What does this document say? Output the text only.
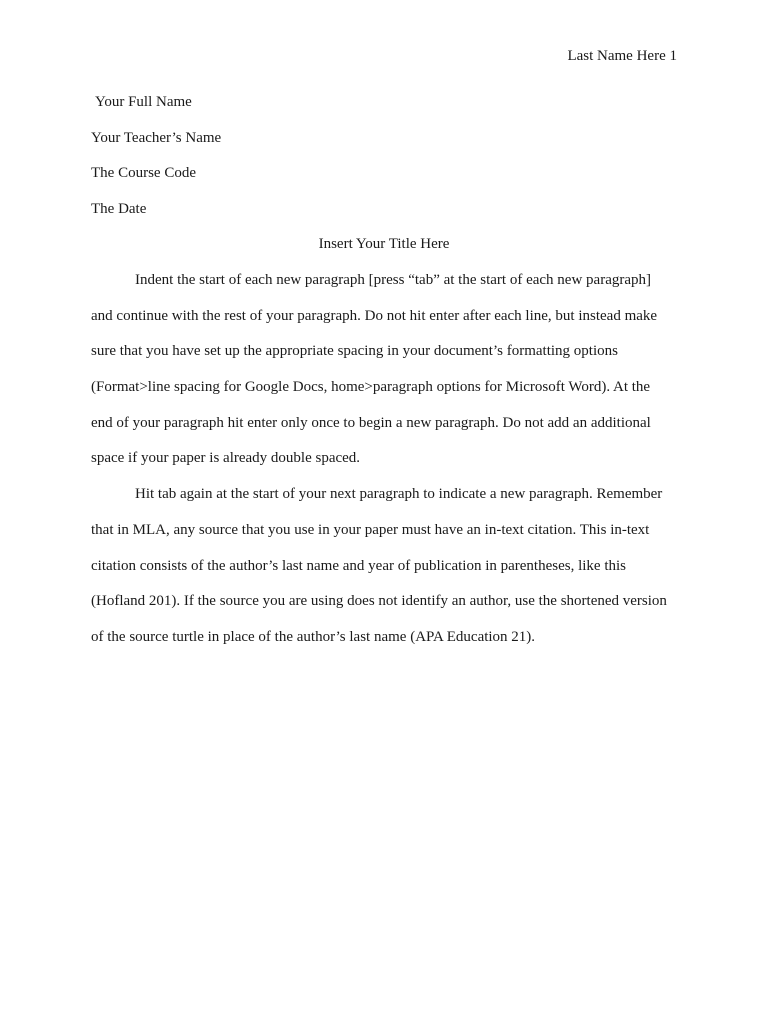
Last Name Here 1
Your Full Name
Your Teacher’s Name
The Course Code
The Date
Insert Your Title Here
Indent the start of each new paragraph [press “tab” at the start of each new paragraph]
and continue with the rest of your paragraph. Do not hit enter after each line, but instead make
sure that you have set up the appropriate spacing in your document’s formatting options
(Format>line spacing for Google Docs, home>paragraph options for Microsoft Word). At the
end of your paragraph hit enter only once to begin a new paragraph. Do not add an additional
space if your paper is already double spaced.
Hit tab again at the start of your next paragraph to indicate a new paragraph. Remember
that in MLA, any source that you use in your paper must have an in-text citation. This in-text
citation consists of the author’s last name and year of publication in parentheses, like this
(Hofland 201). If the source you are using does not identify an author, use the shortened version
of the source turtle in place of the author’s last name (APA Education 21).
